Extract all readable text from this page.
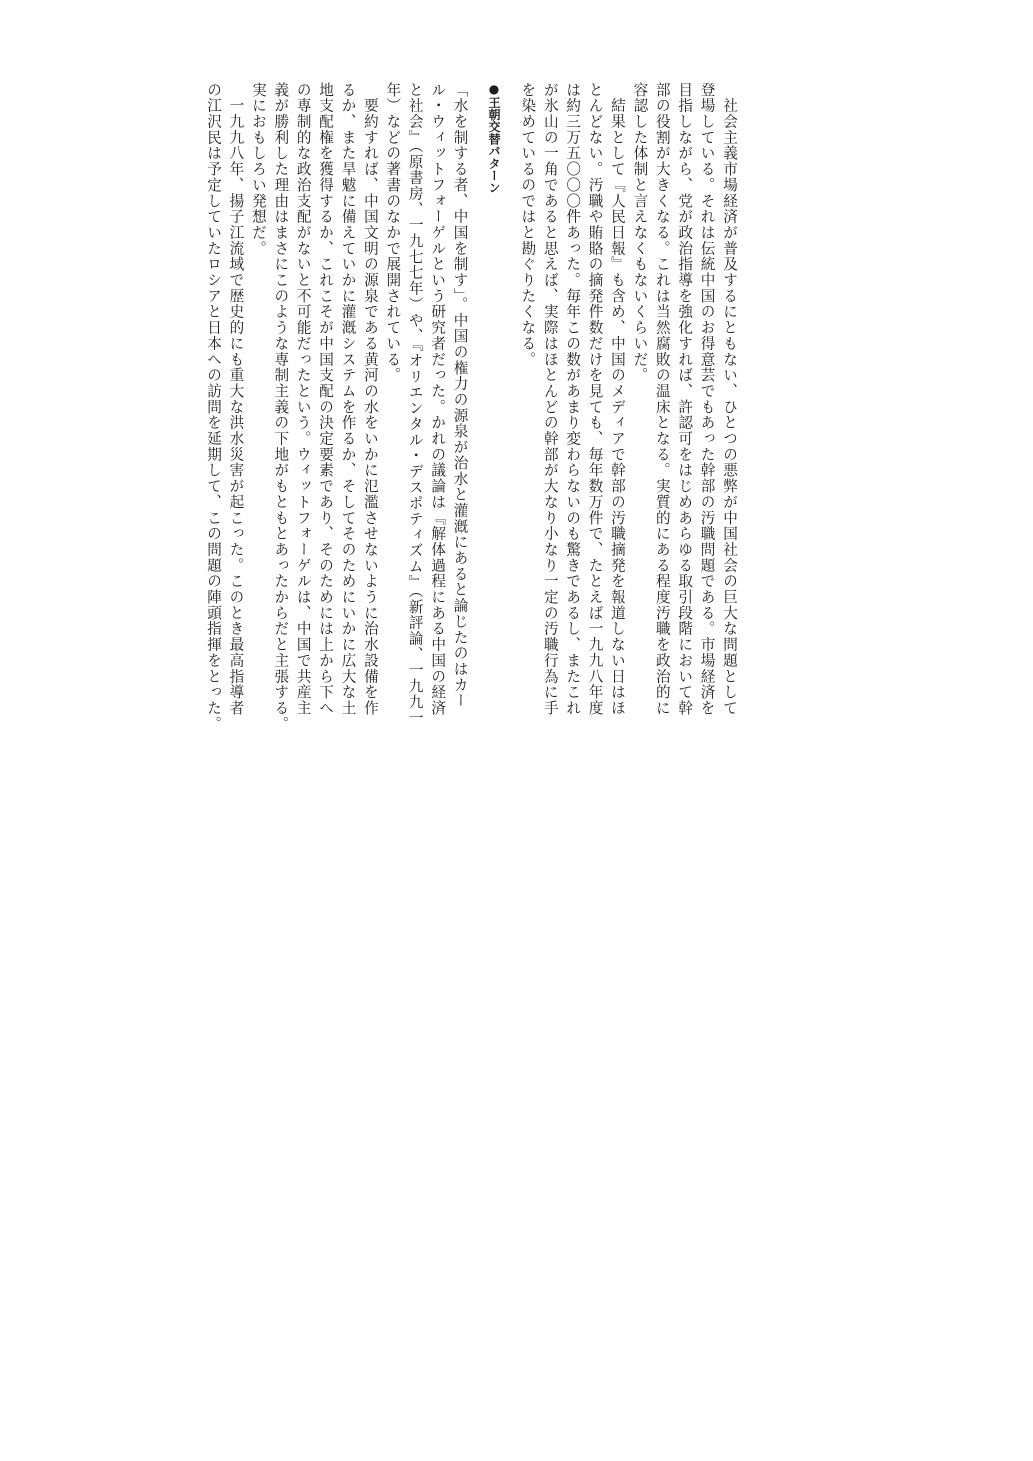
　社会主義市場経済が普及するにともない、ひとつの悪弊が中国社会の巨大な問題として
登場している。それは伝統中国のお得意芸でもあった幹部の汚職問題である。市場経済を
目指しながら、党が政治指導を強化すれば、許認可をはじめあらゆる取引段階において幹
部の役割が大きくなる。これは当然腐敗の温床となる。実質的にある程度汚職を政治的に
容認した体制と言えなくもないくらいだ。
　結果として『人民日報』も含め、中国のメディアで幹部の汚職摘発を報道しない日はほ
とんどない。汚職や賄賂の摘発件数だけを見ても、毎年数万件で、たとえば一九九八年度
は約三万五〇〇〇件あった。毎年この数があまり変わらないのも驚きであるし、またこれ
が氷山の一角であると思えば、実際はほとんどの幹部が大なり小なり一定の汚職行為に手
を染めているのではと勘ぐりたくなる。
●王朝交替パターン
「水を制する者、中国を制す」。中国の権力の源泉が治水と灌漑にあると論じたのはカー
ル・ウィットフォーゲルという研究者だった。かれの議論は『解体過程にある中国の経済
と社会』（原書房、一九七七年）や、『オリエンタル・デスポティズム』（新評論、一九九一
年）などの著書のなかで展開されている。
　要約すれば、中国文明の源泉である黄河の水をいかに氾濫させないように治水設備を作
るか、また旱魃に備えていかに灌漑システムを作るか、そしてそのためにいかに広大な土
地支配権を獲得するか、これこそが中国支配の決定要素であり、そのためには上から下へ
の専制的な政治支配がないと不可能だったという。ウィットフォーゲルは、中国で共産主
義が勝利した理由はまさにこのような専制主義の下地がもともとあったからだと主張する。
実におもしろい発想だ。
　一九九八年、揚子江流域で歴史的にも重大な洪水災害が起こった。このとき最高指導者
の江沢民は予定していたロシアと日本への訪問を延期して、この問題の陣頭指揮をとった。
